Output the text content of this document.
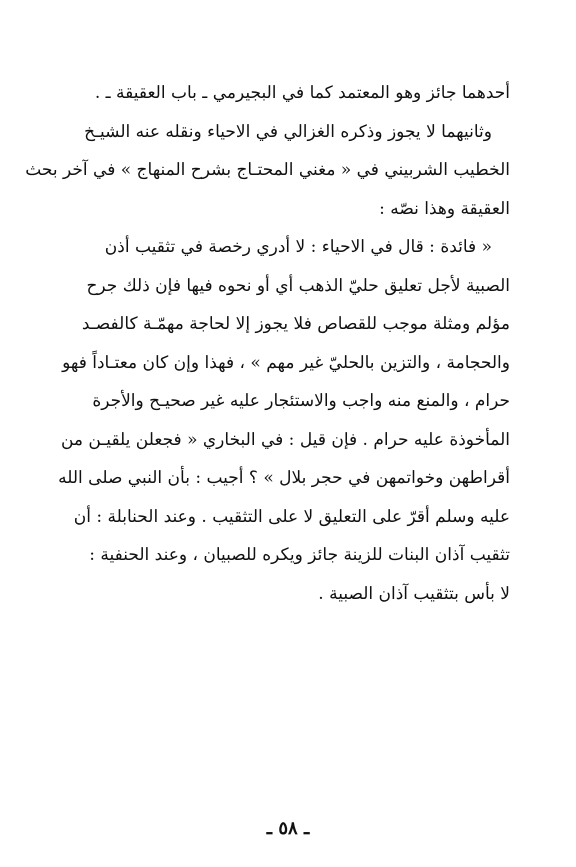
أحدهما جائز وهو المعتمد كما في البجيرمي ـ باب العقيقة ـ .
وثانيهما لا يجوز وذكره الغزالي في الاحياء ونقله عنه الشيـخ
الخطيب الشربيني في « مغني المحتـاج بشرح المنهاج » في آخر بحث
العقيقة وهذا نصّه :
« فائدة : قال في الاحياء : لا أدري رخصة في تثقيب أذن
الصبية لأجل تعليق حليّ الذهب أي أو نحوه فيها فإن ذلك جرح
مؤلم ومثلة موجب للقصاص فلا يجوز إلا لحاجة مهمّـة كالفصـد
والحجامة ، والتزين بالحليّ غير مهم » ، فهذا وإن كان معتـاداً فهو
حرام ، والمنع منه واجب والاستئجار عليه غير صحيـح والأجرة
المأخوذة عليه حرام . فإن قيل : في البخاري « فجعلن يلقيـن من
أقراطهن وخواتمهن في حجر بلال » ؟ أجيب : بأن النبي صلى الله
عليه وسلم أقرّ على التعليق لا على التثقيب . وعند الحنابلة : أن
تثقيب آذان البنات للزينة جائز ويكره للصبيان ، وعند الحنفية :
لا بأس بتثقيب آذان الصبية .
ـ ٥٨ ـ
